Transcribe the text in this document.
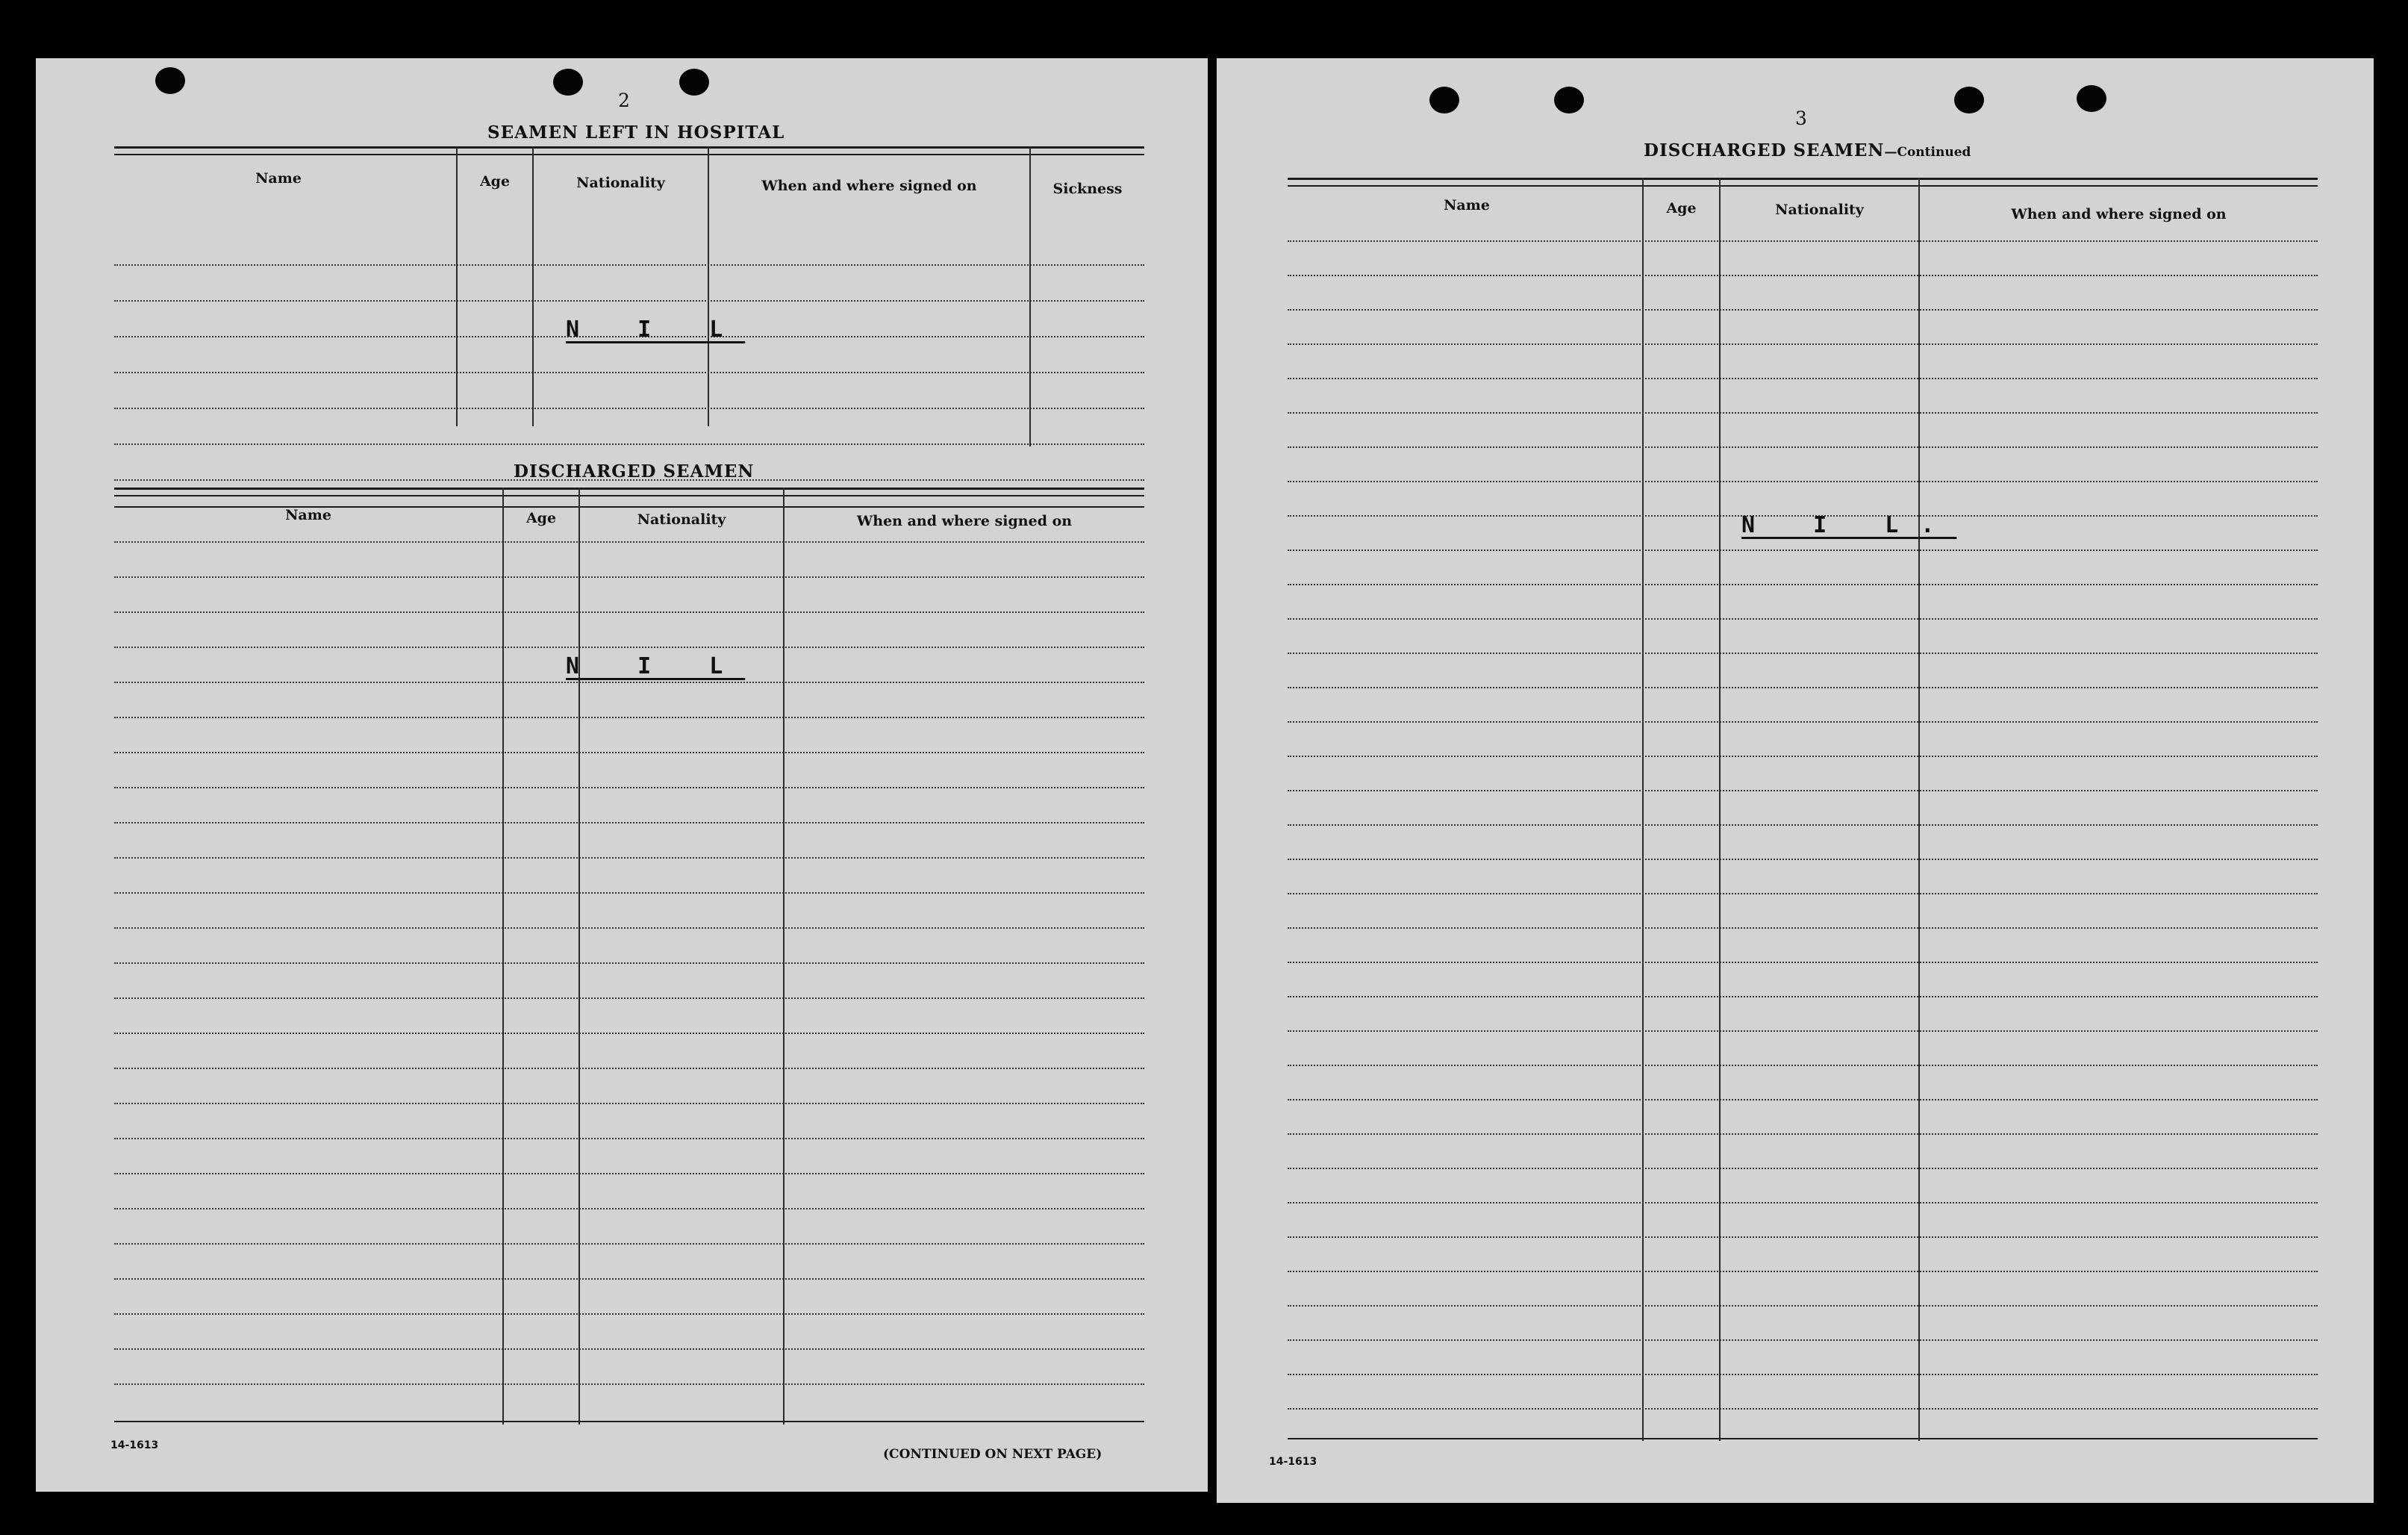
2
SEAMEN LEFT IN HOSPITAL
Name	Age	Nationality	When and where signed on	Sickness
N I L
DISCHARGED SEAMEN
Name	Age	Nationality	When and where signed on
N I L
14-1613
(CONTINUED ON NEXT PAGE)
3
DISCHARGED SEAMEN—Continued
Name	Age	Nationality	When and where signed on
N I L.
14-1613
